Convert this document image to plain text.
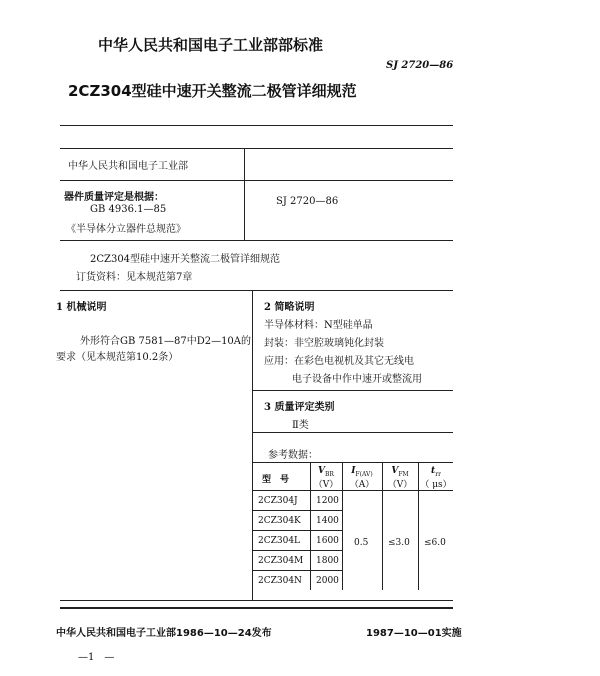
中华人民共和国电子工业部部标准
SJ 2720—86
2CZ304型硅中速开关整流二极管详细规范
中华人民共和国电子工业部
器件质量评定是根据：
GB 4936.1—85
《半导体分立器件总规范》
SJ 2720—86
2CZ304型硅中速开关整流二极管详细规范
订货资料：见本规范第7章
1 机械说明
外形符合GB 7581—87中D2—10A的
要求（见本规范第10.2条）
2 简略说明
半导体材料：N型硅单晶
封装：非空腔玻璃钝化封装
应用：在彩色电视机及其它无线电
电子设备中作中速开或整流用
3 质量评定类别
Ⅱ类
参考数据：
型　号
$V_{BR}$
（V）
$I_{F(AV)}$
（A）
$V_{FM}$
（V）
$t_{rr}$
（ μs）
2CZ304J 1200
2CZ304K 1400
2CZ304L 1600
2CZ304M 1800
2CZ304N 2000
0.5 ≤3.0 ≤6.0
中华人民共和国电子工业部1986—10—24发布	1987—10—01实施
—1　—
